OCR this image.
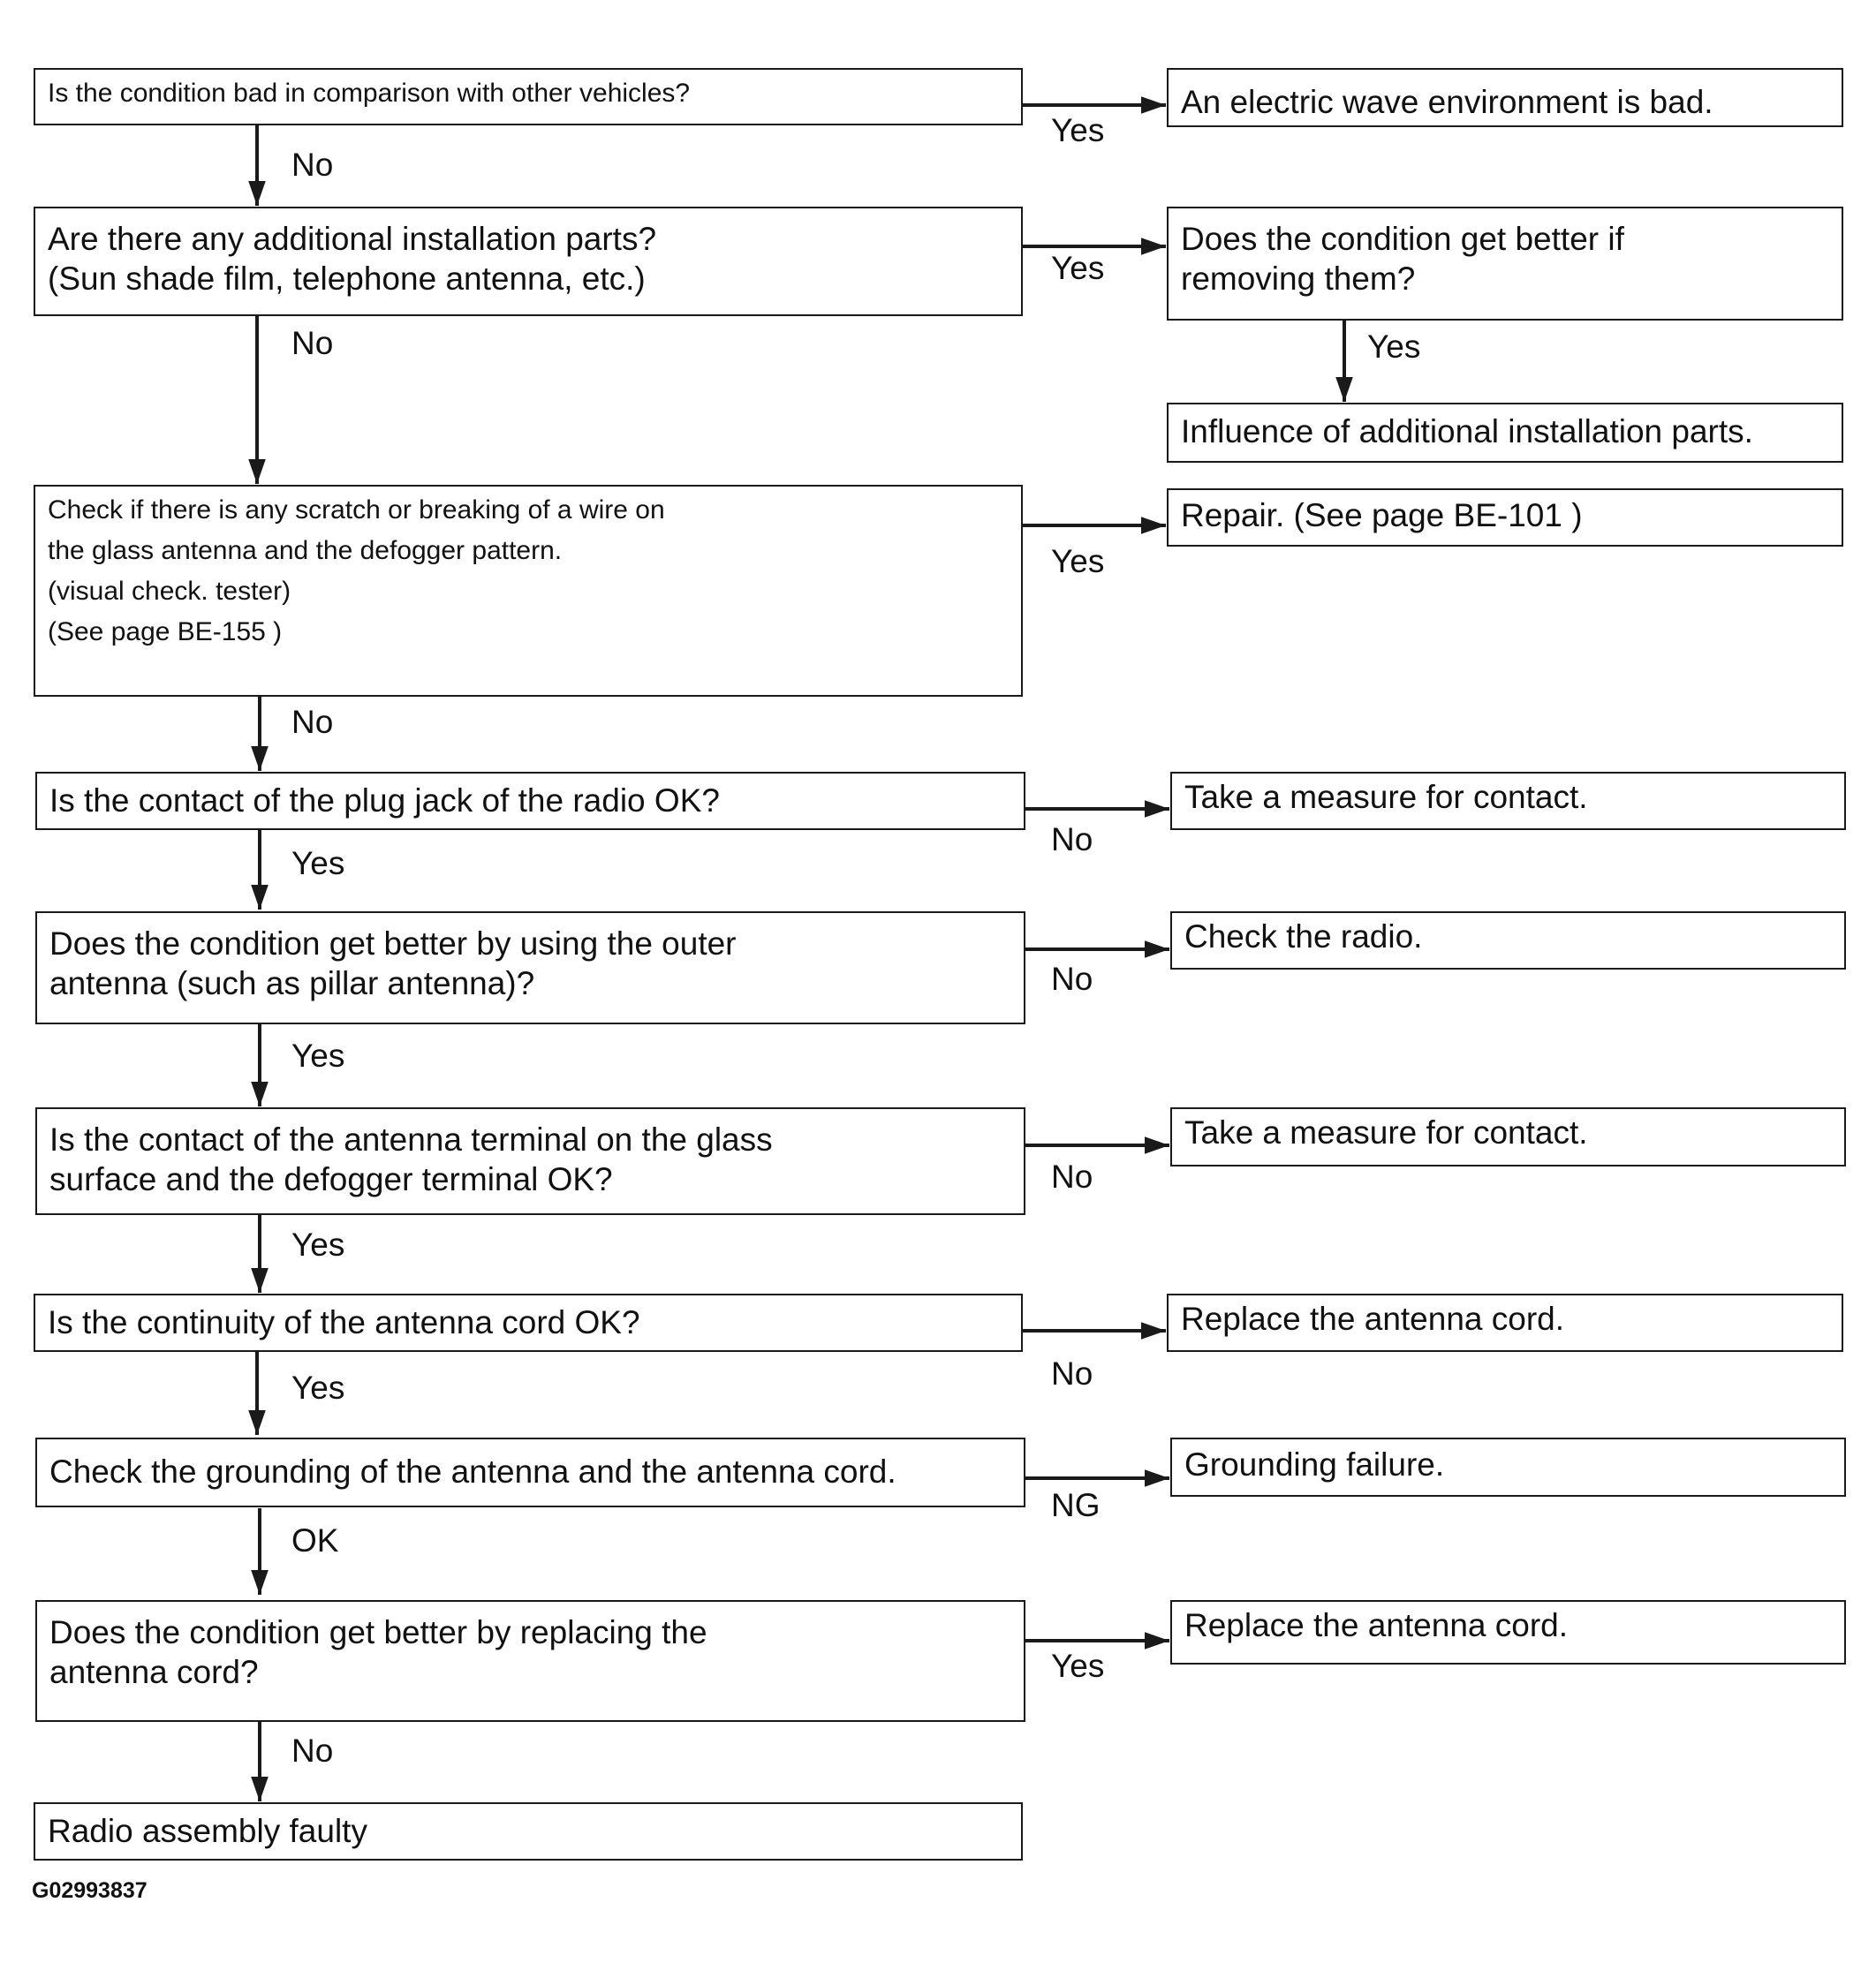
Is the condition bad in comparison with other vehicles?
Are there any additional installation parts?
(Sun shade film, telephone antenna, etc.)
Check if there is any scratch or breaking of a wire on
the glass antenna and the defogger pattern.
(visual check. tester)
(See page BE-155 )
Is the contact of the plug jack of the radio OK?
Does the condition get better by using the outer
antenna (such as pillar antenna)?
Is the contact of the antenna terminal on the glass
surface and the defogger terminal OK?
Is the continuity of the antenna cord OK?
Check the grounding of the antenna and the antenna cord.
Does the condition get better by replacing the
antenna cord?
Radio assembly faulty
An electric wave environment is bad.
Does the condition get better if
removing them?
Influence of additional installation parts.
Repair. (See page BE-101 )
Take a measure for contact.
Check the radio.
Take a measure for contact.
Replace the antenna cord.
Grounding failure.
Replace the antenna cord.
Yes
No
Yes
No	Yes
Yes
No
No
Yes
No
Yes
No
Yes
No
Yes
NG
OK
Yes
No
G02993837
